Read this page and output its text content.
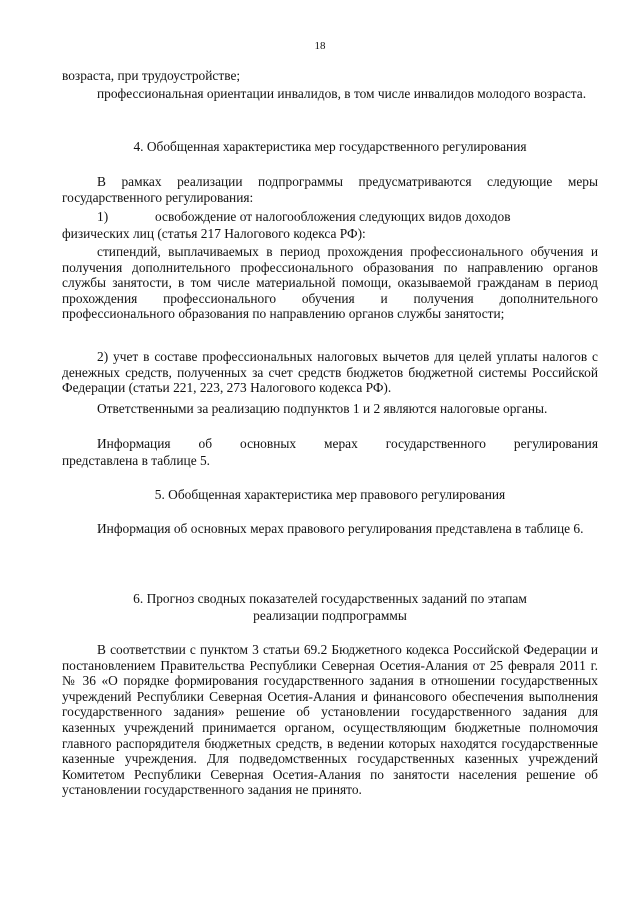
18

возраста, при трудоустройстве;

профессиональная ориентации инвалидов, в том числе инвалидов молодого возраста.

4. Обобщенная характеристика мер государственного регулирования

В рамках реализации подпрограммы предусматриваются следующие меры государственного регулирования:

1)	освобождение от налогообложения следующих видов доходов

физических лиц (статья 217 Налогового кодекса РФ):

стипендий, выплачиваемых в период прохождения профессионального обучения и получения дополнительного профессионального образования по направлению органов службы занятости, в том числе материальной помощи, оказываемой гражданам в период прохождения профессионального обучения и получения дополнительного профессионального образования по направлению органов службы занятости;

2) учет в составе профессиональных налоговых вычетов для целей уплаты налогов с денежных средств, полученных за счет средств бюджетов бюджетной системы Российской Федерации (статьи 221, 223, 273 Налогового кодекса РФ).

Ответственными за реализацию подпунктов 1 и 2 являются налоговые органы.

Информация об основных мерах государственного регулирования

представлена в таблице 5.

5. Обобщенная характеристика мер правового регулирования

Информация об основных мерах правового регулирования представлена в таблице 6.

6. Прогноз сводных показателей государственных заданий по этапам

реализации подпрограммы

В соответствии с пунктом 3 статьи 69.2 Бюджетного кодекса Российской Федерации и постановлением Правительства Республики Северная Осетия-Алания от 25 февраля 2011 г. № 36 «О порядке формирования государственного задания в отношении государственных учреждений Республики Северная Осетия-Алания и финансового обеспечения выполнения государственного задания» решение об установлении государственного задания для казенных учреждений принимается органом, осуществляющим бюджетные полномочия главного распорядителя бюджетных средств, в ведении которых находятся государственные казенные учреждения. Для подведомственных государственных казенных учреждений Комитетом Республики Северная Осетия-Алания по занятости населения решение об установлении государственного задания не принято.
